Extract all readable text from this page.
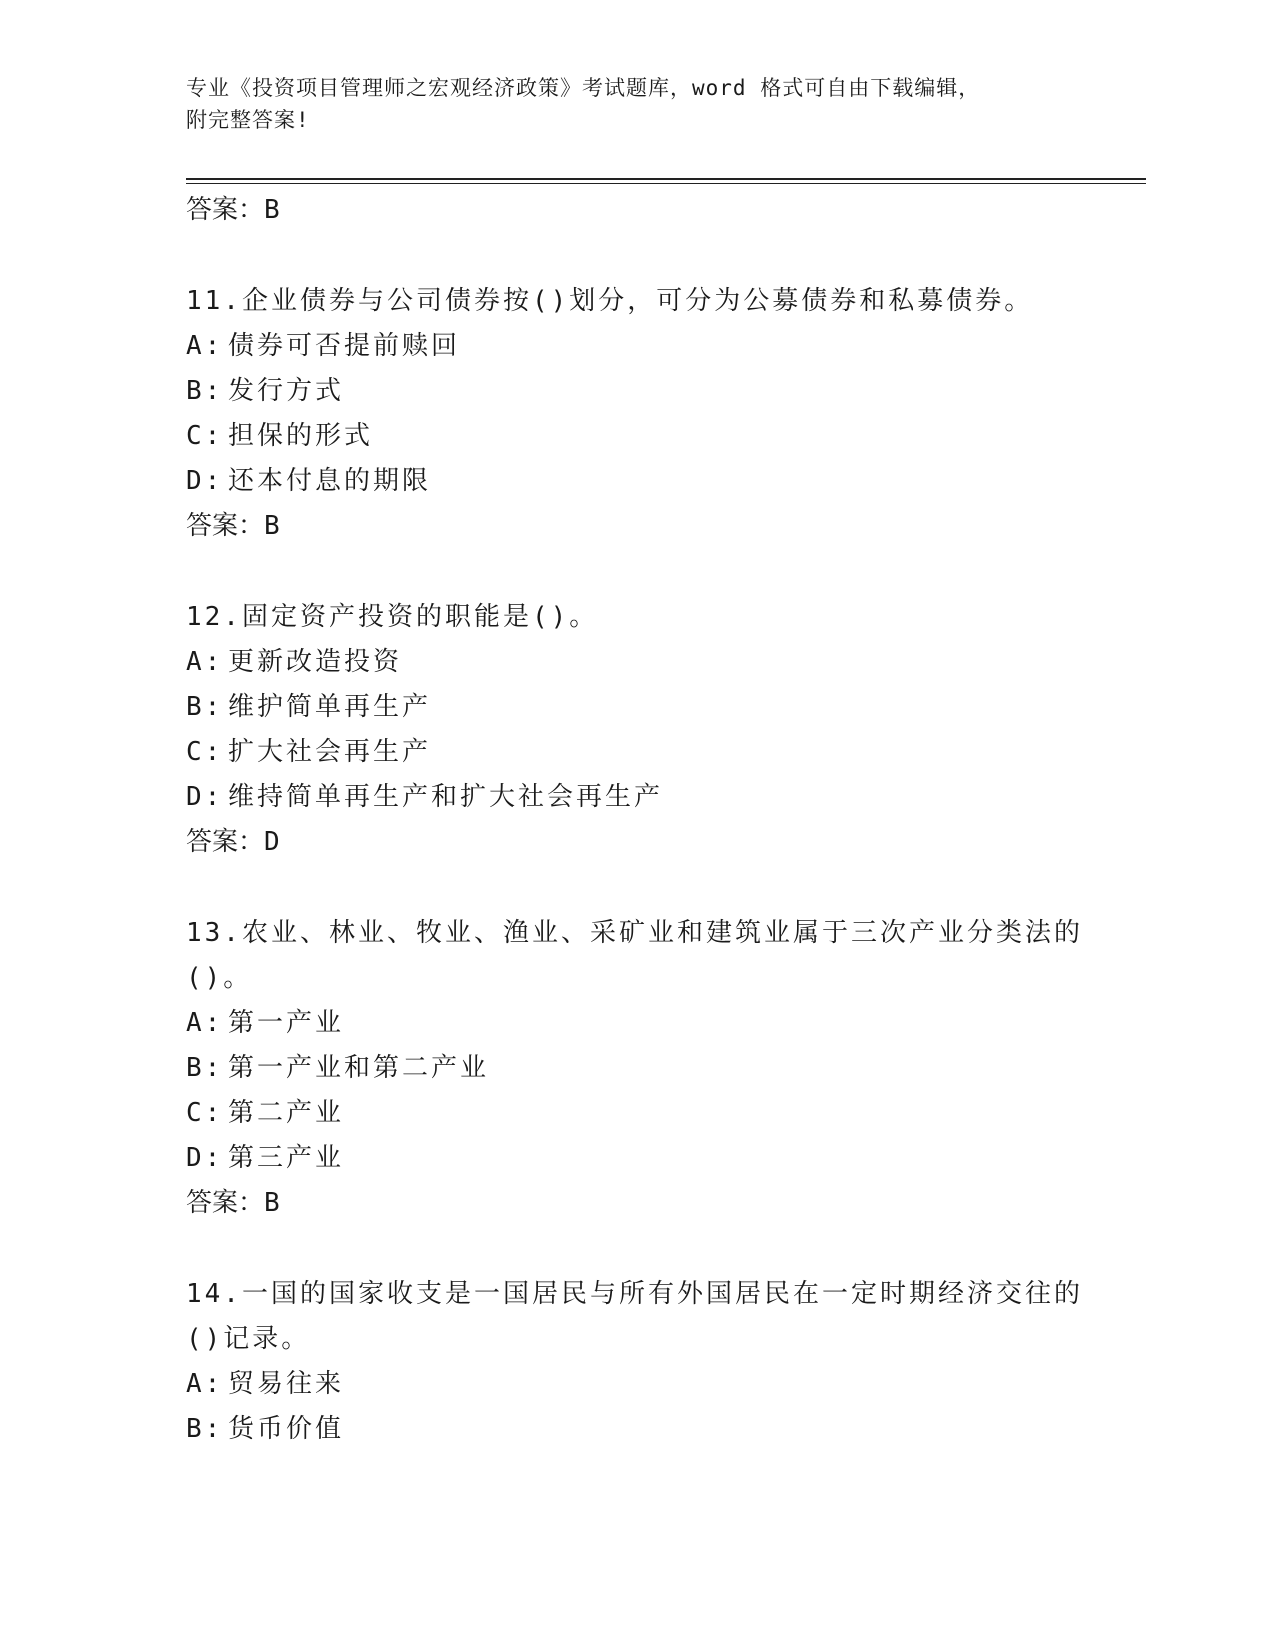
专业《投资项目管理师之宏观经济政策》考试题库，word 格式可自由下载编辑，
附完整答案!

答案：B

11.企业债券与公司债券按()划分，可分为公募债券和私募债券。

A: 债券可否提前赎回
B: 发行方式
C: 担保的形式
D: 还本付息的期限

答案：B

12.固定资产投资的职能是()。

A: 更新改造投资
B: 维护简单再生产
C: 扩大社会再生产
D: 维持简单再生产和扩大社会再生产

答案：D

13.农业、林业、牧业、渔业、采矿业和建筑业属于三次产业分类法的()。

A: 第一产业
B: 第一产业和第二产业
C: 第二产业
D: 第三产业

答案：B

14.一国的国家收支是一国居民与所有外国居民在一定时期经济交往的()记录。

A: 贸易往来
B: 货币价值
